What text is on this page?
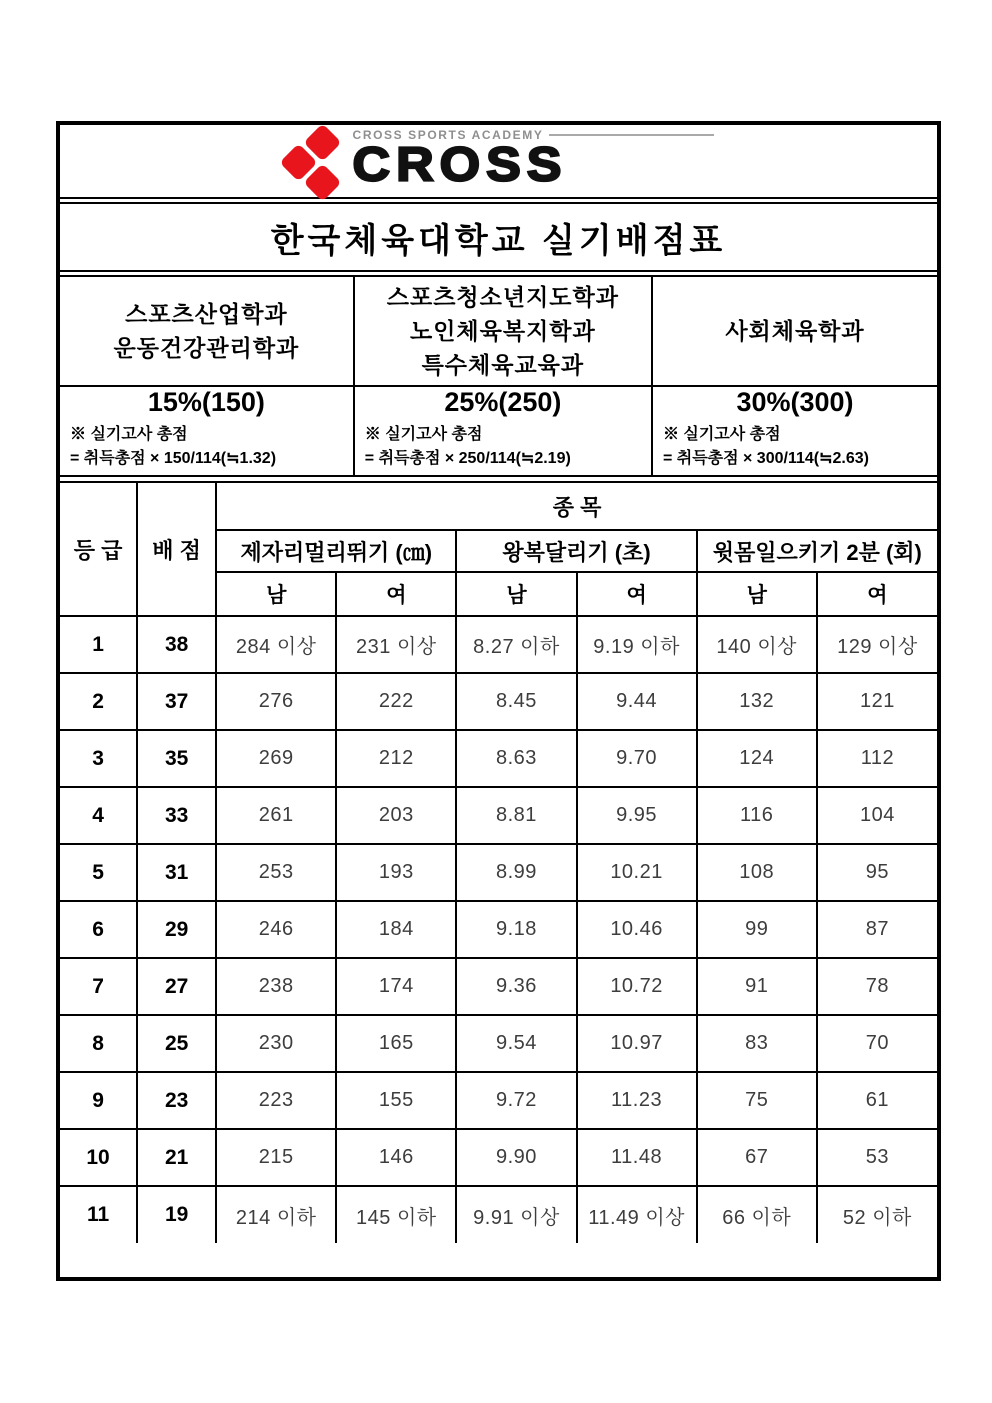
CROSS SPORTS ACADEMY
CROSS
한국체육대학교 실기배점표
스포츠산업학과
운동건강관리학과

스포츠청소년지도학과
노인체육복지학과
특수체육교육과

사회체육학과

15%(150)
※ 실기고사 총점
= 취득총점 × 150/114(≒1.32)

25%(250)
※ 실기고사 총점
= 취득총점 × 250/114(≒2.19)

30%(300)
※ 실기고사 총점
= 취득총점 × 300/114(≒2.63)
등 급	배 점	종 목					
		제자리멀리뛰기 (㎝)		왕복달리기 (초)		윗몸일으키기 2분 (회)	
		남	여	남	여	남	여
1	38	284 이상	231 이상	8.27 이하	9.19 이하	140 이상	129 이상
2	37	276	222	8.45	9.44	132	121
3	35	269	212	8.63	9.70	124	112
4	33	261	203	8.81	9.95	116	104
5	31	253	193	8.99	10.21	108	95
6	29	246	184	9.18	10.46	99	87
7	27	238	174	9.36	10.72	91	78
8	25	230	165	9.54	10.97	83	70
9	23	223	155	9.72	11.23	75	61
10	21	215	146	9.90	11.48	67	53
11	19	214 이하	145 이하	9.91 이상	11.49 이상	66 이하	52 이하
